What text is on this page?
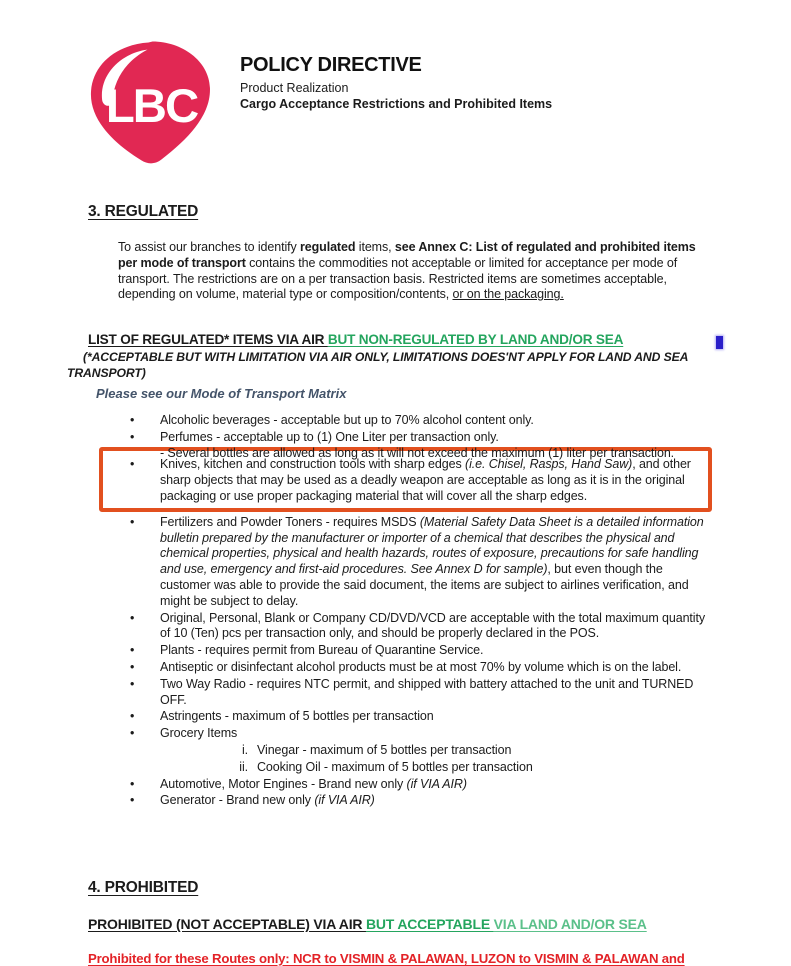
LBC
POLICY DIRECTIVE
Product Realization
Cargo Acceptance Restrictions and Prohibited Items
3. REGULATED
To assist our branches to identify regulated items, see Annex C: List of regulated and prohibited items per mode of transport contains the commodities not acceptable or limited for acceptance per mode of transport. The restrictions are on a per transaction basis. Restricted items are sometimes acceptable, depending on volume, material type or composition/contents, or on the packaging.
LIST OF REGULATED* ITEMS VIA AIR BUT NON-REGULATED BY LAND AND/OR SEA
(*ACCEPTABLE BUT WITH LIMITATION VIA AIR ONLY, LIMITATIONS DOES'NT APPLY FOR LAND AND SEA TRANSPORT)
Please see our Mode of Transport Matrix
•	Alcoholic beverages - acceptable but up to 70% alcohol content only.
•	Perfumes - acceptable up to (1) One Liter per transaction only.
- Several bottles are allowed as long as it will not exceed the maximum (1) liter per transaction.
•	Knives, kitchen and construction tools with sharp edges (i.e. Chisel, Rasps, Hand Saw), and other sharp objects that may be used as a deadly weapon are acceptable as long as it is in the original packaging or use proper packaging material that will cover all the sharp edges.
•	Fertilizers and Powder Toners - requires MSDS (Material Safety Data Sheet is a detailed information bulletin prepared by the manufacturer or importer of a chemical that describes the physical and chemical properties, physical and health hazards, routes of exposure, precautions for safe handling and use, emergency and first-aid procedures. See Annex D for sample), but even though the customer was able to provide the said document, the items are subject to airlines verification, and might be subject to delay.
•	Original, Personal, Blank or Company CD/DVD/VCD are acceptable with the total maximum quantity of 10 (Ten) pcs per transaction only, and should be properly declared in the POS.
•	Plants - requires permit from Bureau of Quarantine Service.
•	Antiseptic or disinfectant alcohol products must be at most 70% by volume which is on the label.
•	Two Way Radio - requires NTC permit, and shipped with battery attached to the unit and TURNED OFF.
•	Astringents - maximum of 5 bottles per transaction
•	Grocery Items
i. Vinegar - maximum of 5 bottles per transaction
ii. Cooking Oil - maximum of 5 bottles per transaction
•	Automotive, Motor Engines - Brand new only (if VIA AIR)
•	Generator - Brand new only (if VIA AIR)
4. PROHIBITED
PROHIBITED (NOT ACCEPTABLE) VIA AIR BUT ACCEPTABLE VIA LAND AND/OR SEA
Prohibited for these Routes only: NCR to VISMIN & PALAWAN, LUZON to VISMIN & PALAWAN and
